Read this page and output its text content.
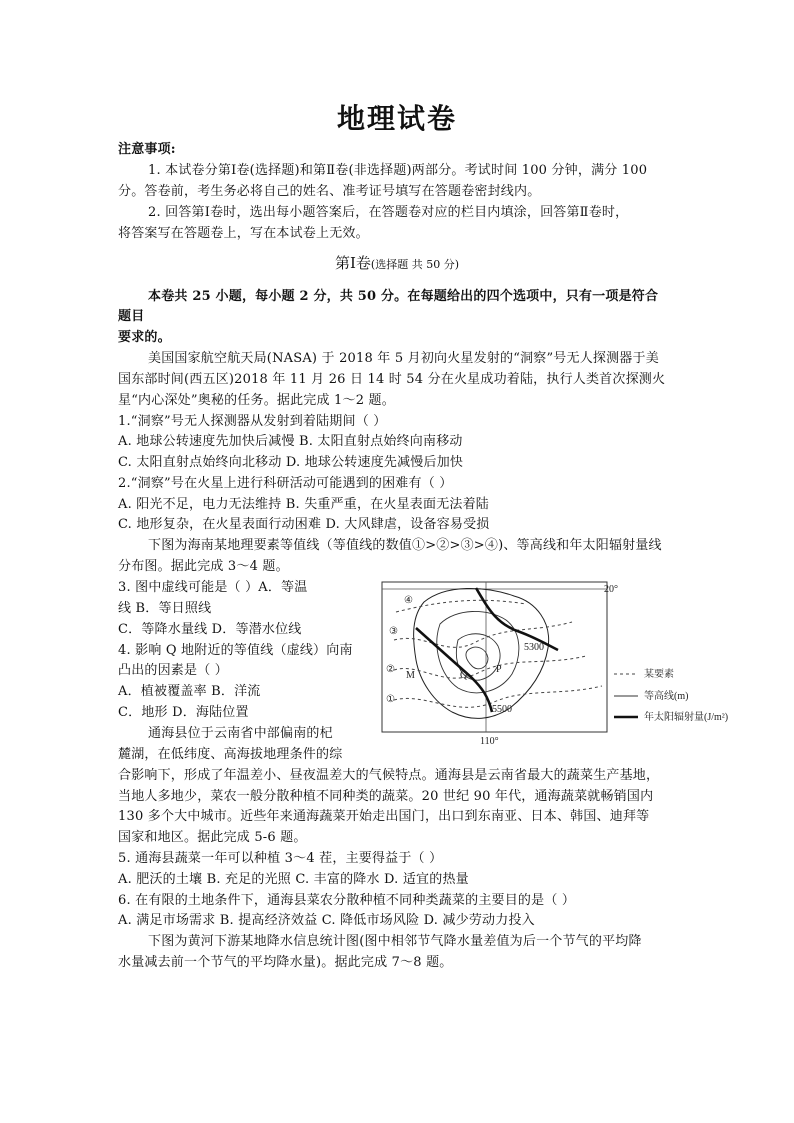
地理试卷
注意事项:
1. 本试卷分第Ⅰ卷(选择题)和第Ⅱ卷(非选择题)两部分。考试时间 100 分钟，满分 100
分。答卷前，考生务必将自己的姓名、准考证号填写在答题卷密封线内。
2. 回答第Ⅰ卷时，选出每小题答案后，在答题卷对应的栏目内填涂，回答第Ⅱ卷时，
将答案写在答题卷上，写在本试卷上无效。
第Ⅰ卷(选择题 共 50 分)
本卷共 25 小题，每小题 2 分，共 50 分。在每题给出的四个选项中，只有一项是符合
题目
要求的。
美国国家航空航天局(NASA) 于 2018 年 5 月初向火星发射的“洞察”号无人探测器于美
国东部时间(西五区)2018 年 11 月 26 日 14 时 54 分在火星成功着陆，执行人类首次探测火
星“内心深处”奥秘的任务。据此完成 1～2 题。
1.“洞察”号无人探测器从发射到着陆期间（ ）
A. 地球公转速度先加快后减慢 B. 太阳直射点始终向南移动
C. 太阳直射点始终向北移动 D. 地球公转速度先减慢后加快
2.“洞察”号在火星上进行科研活动可能遇到的困难有（ ）
A. 阳光不足，电力无法维持 B. 失重严重，在火星表面无法着陆
C. 地形复杂，在火星表面行动困难 D. 大风肆虐，设备容易受损
下图为海南某地理要素等值线（等值线的数值①>②>③>④)、等高线和年太阳辐射量线
分布图。据此完成 3～4 题。
3. 图中虚线可能是（ ）A．等温
线 B．等日照线
C．等降水量线 D．等潜水位线
4. 影响 Q 地附近的等值线（虚线）向南
凸出的因素是（ ）
A．植被覆盖率 B．洋流
C．地形 D．海陆位置
通海县位于云南省中部偏南的杞
麓湖，在低纬度、高海拔地理条件的综
合影响下，形成了年温差小、昼夜温差大的气候特点。通海县是云南省最大的蔬菜生产基地，
当地人多地少，菜农一般分散种植不同种类的蔬菜。20 世纪 90 年代，通海蔬菜就畅销国内
130 多个大中城市。近些年来通海蔬菜开始走出国门，出口到东南亚、日本、韩国、迪拜等
国家和地区。据此完成 5-6 题。
5. 通海县蔬菜一年可以种植 3～4 茬，主要得益于（ ）
A. 肥沃的土壤 B. 充足的光照 C. 丰富的降水 D. 适宜的热量
6. 在有限的土地条件下，通海县菜农分散种植不同种类蔬菜的主要目的是（ ）
A. 满足市场需求 B. 提高经济效益 C. 降低市场风险 D. 减少劳动力投入
下图为黄河下游某地降水信息统计图(图中相邻节气降水量差值为后一个节气的平均降
水量减去前一个节气的平均降水量)。据此完成 7～8 题。
20°
110°
④
③
②
①
5300
5500
M	Q
P	某要素
等高线(m)
年太阳辐射量(J/m²)
